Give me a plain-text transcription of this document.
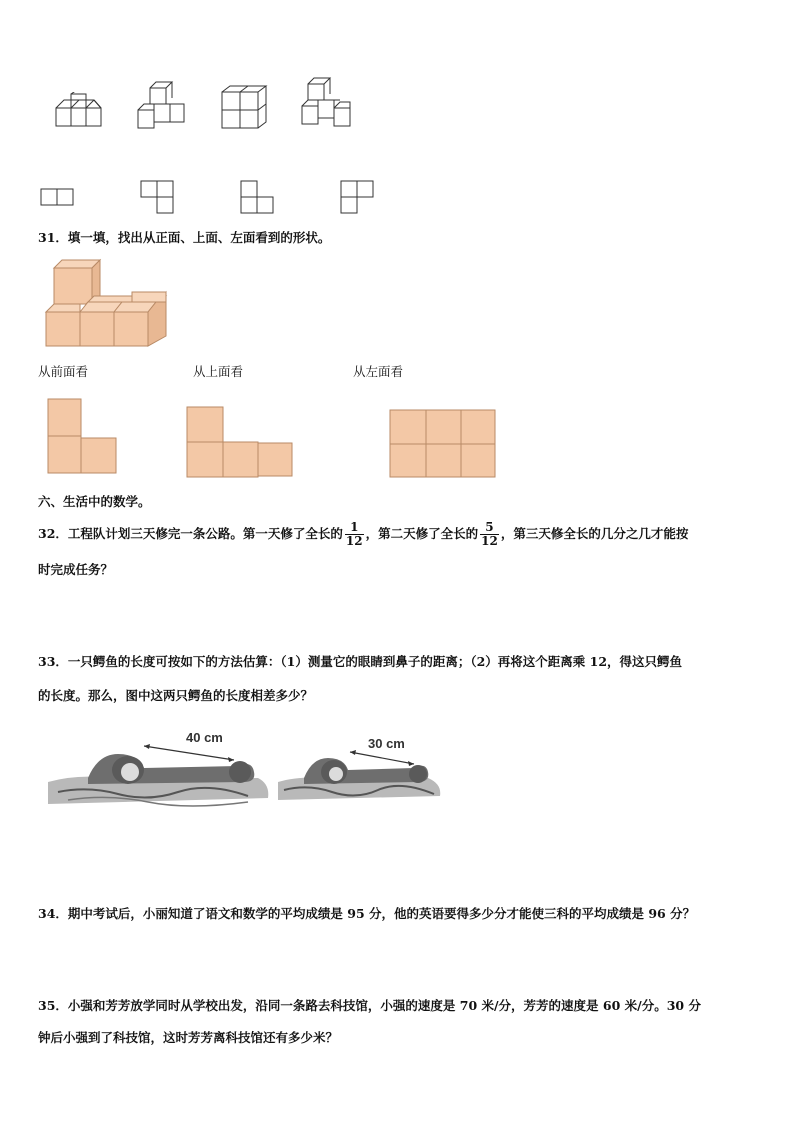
31．填一填，找出从正面、上面、左面看到的形状。
从前面看	从上面看	从左面看
六、生活中的数学。
32．工程队计划三天修完一条公路。第一天修了全长的 $\frac{1}{12}$ ，第二天修了全长的 $\frac{5}{12}$ ，第三天修全长的几分之几才能按
时完成任务？
33．一只鳄鱼的长度可按如下的方法估算：（1）测量它的眼睛到鼻子的距离；（2）再将这个距离乘 12，得这只鳄鱼
的长度。那么，图中这两只鳄鱼的长度相差多少？
40 cm	30 cm
34．期中考试后，小丽知道了语文和数学的平均成绩是 95 分，他的英语要得多少分才能使三科的平均成绩是 96 分？
35．小强和芳芳放学同时从学校出发，沿同一条路去科技馆，小强的速度是 70 米/分，芳芳的速度是 60 米/分。30 分
钟后小强到了科技馆，这时芳芳离科技馆还有多少米？
